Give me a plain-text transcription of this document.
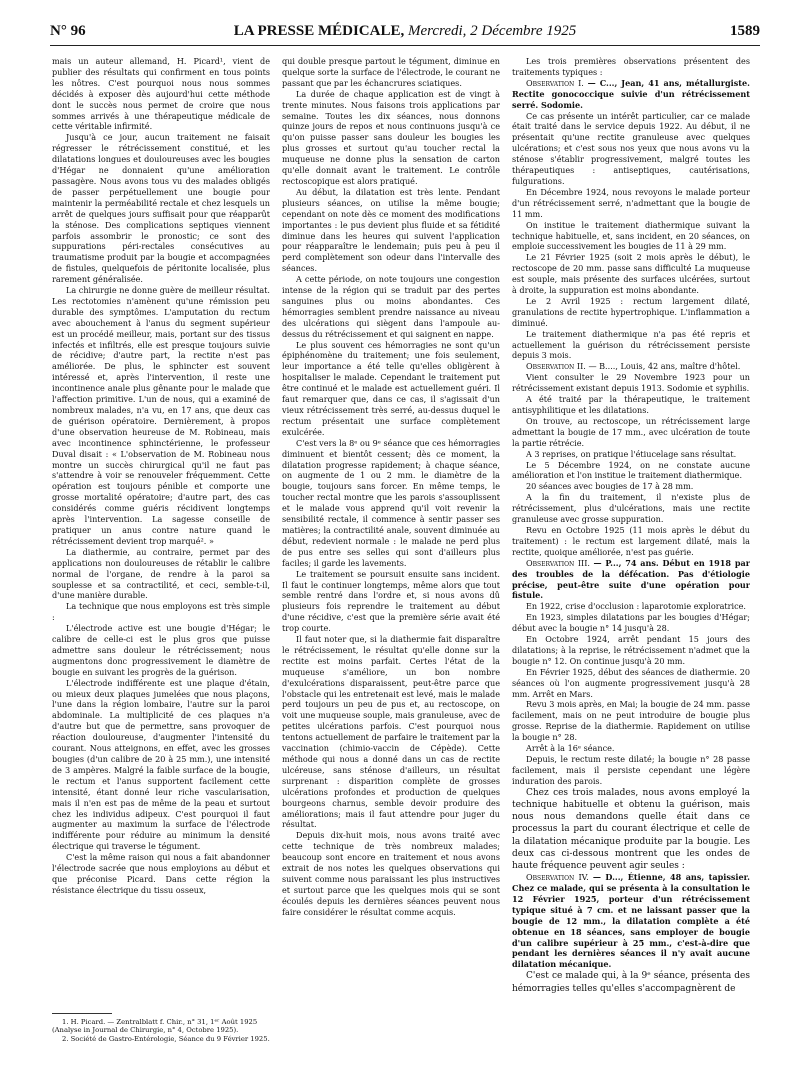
N° 96	LA PRESSE MÉDICALE, Mercredi, 2 Décembre 1925	1589

mais un auteur allemand, H. Picard¹, vient de publier des résultats qui confirment en tous points les nôtres. C'est pourquoi nous nous sommes décidés à exposer dès aujourd'hui cette méthode dont le succès nous permet de croire que nous sommes arrivés à une thérapeutique médicale de cette véritable infirmité.

Jusqu'à ce jour, aucun traitement ne faisait régresser le rétrécissement constitué, et les dilatations longues et douloureuses avec les bougies d'Hégar ne donnaient qu'une amélioration passagère. Nous avons tous vu des malades obligés de passer perpétuellement une bougie pour maintenir la perméabilité rectale et chez lesquels un arrêt de quelques jours suffisait pour que réapparût la sténose. Des complications septiques viennent parfois assombrir le pronostic; ce sont des suppurations péri-rectales consécutives au traumatisme produit par la bougie et accompagnées de fistules, quelquefois de péritonite localisée, plus rarement généralisée.

La chirurgie ne donne guère de meilleur résultat. Les rectotomies n'amènent qu'une rémission peu durable des symptômes. L'amputation du rectum avec abouchement à l'anus du segment supérieur est un procédé meilleur, mais, portant sur des tissus infectés et infiltrés, elle est presque toujours suivie de récidive; d'autre part, la rectite n'est pas améliorée. De plus, le sphincter est souvent intéressé et, après l'intervention, il reste une incontinence anale plus gênante pour le malade que l'affection primitive. L'un de nous, qui a examiné de nombreux malades, n'a vu, en 17 ans, que deux cas de guérison opératoire. Dernièrement, à propos d'une observation heureuse de M. Robineau, mais avec incontinence sphinctérienne, le professeur Duval disait : « L'observation de M. Robineau nous montre un succès chirurgical qu'il ne faut pas s'attendre à voir se renouveler fréquemment. Cette opération est toujours pénible et comporte une grosse mortalité opératoire; d'autre part, des cas considérés comme guéris récidivent longtemps après l'intervention. La sagesse conseille de pratiquer un anus contre nature quand le rétrécissement devient trop marqué². »

La diathermie, au contraire, permet par des applications non douloureuses de rétablir le calibre normal de l'organe, de rendre à la paroi sa souplesse et sa contractilité, et ceci, semble-t-il, d'une manière durable.

La technique que nous employons est très simple :

L'électrode active est une bougie d'Hégar; le calibre de celle-ci est le plus gros que puisse admettre sans douleur le rétrécissement; nous augmentons donc progressivement le diamètre de bougie en suivant les progrès de la guérison.

L'électrode indifférente est une plaque d'étain, ou mieux deux plaques jumelées que nous plaçons, l'une dans la région lombaire, l'autre sur la paroi abdominale. La multiplicité de ces plaques n'a d'autre but que de permettre, sans provoquer de réaction douloureuse, d'augmenter l'intensité du courant. Nous atteignons, en effet, avec les grosses bougies (d'un calibre de 20 à 25 mm.), une intensité de 3 ampères. Malgré la faible surface de la bougie, le rectum et l'anus supportent facilement cette intensité, étant donné leur riche vascularisation, mais il n'en est pas de même de la peau et surtout chez les individus adipeux. C'est pourquoi il faut augmenter au maximum la surface de l'électrode indifférente pour réduire au minimum la densité électrique qui traverse le tégument.

C'est la même raison qui nous a fait abandonner l'électrode sacrée que nous employions au début et que préconise Picard. Dans cette région la résistance électrique du tissu osseux,

1. H. Picard. — Zentralblatt f. Chir., n° 31, 1ᵉʳ Août 1925 (Analyse in Journal de Chirurgie, n° 4, Octobre 1925).
2. Société de Gastro-Entérologie, Séance du 9 Février 1925.

qui double presque partout le tégument, diminue en quelque sorte la surface de l'électrode, le courant ne passant que par les échancrures sciatiques.

La durée de chaque application est de vingt à trente minutes. Nous faisons trois applications par semaine. Toutes les dix séances, nous donnons quinze jours de repos et nous continuons jusqu'à ce qu'on puisse passer sans douleur les bougies les plus grosses et surtout qu'au toucher rectal la muqueuse ne donne plus la sensation de carton qu'elle donnait avant le traitement. Le contrôle rectoscopique est alors pratiqué.

Au début, la dilatation est très lente. Pendant plusieurs séances, on utilise la même bougie; cependant on note dès ce moment des modifications importantes : le pus devient plus fluide et sa fétidité diminue dans les heures qui suivent l'application pour réapparaître le lendemain; puis peu à peu il perd complètement son odeur dans l'intervalle des séances.

A cette période, on note toujours une congestion intense de la région qui se traduit par des pertes sanguines plus ou moins abondantes. Ces hémorragies semblent prendre naissance au niveau des ulcérations qui siègent dans l'ampoule au-dessus du rétrécissement et qui saignent en nappe.

Le plus souvent ces hémorragies ne sont qu'un épiphénomène du traitement; une fois seulement, leur importance a été telle qu'elles obligèrent à hospitaliser le malade. Cependant le traitement put être continué et le malade est actuellement guéri. Il faut remarquer que, dans ce cas, il s'agissait d'un vieux rétrécissement très serré, au-dessus duquel le rectum présentait une surface complètement exulcérée.

C'est vers la 8ᵉ ou 9ᵉ séance que ces hémorragies diminuent et bientôt cessent; dès ce moment, la dilatation progresse rapidement; à chaque séance, on augmente de 1 ou 2 mm. le diamètre de la bougie, toujours sans forcer. En même temps, le toucher rectal montre que les parois s'assouplissent et le malade vous apprend qu'il voit revenir la sensibilité rectale, il commence à sentir passer ses matières; la contractilité anale, souvent diminuée au début, redevient normale : le malade ne perd plus de pus entre ses selles qui sont d'ailleurs plus faciles; il garde les lavements.

Le traitement se poursuit ensuite sans incident. Il faut le continuer longtemps, même alors que tout semble rentré dans l'ordre et, si nous avons dû plusieurs fois reprendre le traitement au début d'une récidive, c'est que la première série avait été trop courte.

Il faut noter que, si la diathermie fait disparaître le rétrécissement, le résultat qu'elle donne sur la rectite est moins parfait. Certes l'état de la muqueuse s'améliore, un bon nombre d'exulcérations disparaissent, peut-être parce que l'obstacle qui les entretenait est levé, mais le malade perd toujours un peu de pus et, au rectoscope, on voit une muqueuse souple, mais granuleuse, avec de petites ulcérations parfois. C'est pourquoi nous tentons actuellement de parfaire le traitement par la vaccination (chimio-vaccin de Cépède). Cette méthode qui nous a donné dans un cas de rectite ulcéreuse, sans sténose d'ailleurs, un résultat surprenant : disparition complète de grosses ulcérations profondes et production de quelques bourgeons charnus, semble devoir produire des améliorations; mais il faut attendre pour juger du résultat.

Depuis dix-huit mois, nous avons traité avec cette technique de très nombreux malades; beaucoup sont encore en traitement et nous avons extrait de nos notes les quelques observations qui suivent comme nous paraissant les plus instructives et surtout parce que les quelques mois qui se sont écoulés depuis les dernières séances peuvent nous faire considérer le résultat comme acquis.

Les trois premières observations présentent des traitements typiques :

Observation I. — C..., Jean, 41 ans, métallurgiste. Rectite gonococcique suivie d'un rétrécissement serré. Sodomie.

Ce cas présente un intérêt particulier, car ce malade était traité dans le service depuis 1922. Au début, il ne présentait qu'une rectite granuleuse avec quelques ulcérations; et c'est sous nos yeux que nous avons vu la sténose s'établir progressivement, malgré toutes les thérapeutiques : antiseptiques, cautérisations, fulgurations.

En Décembre 1924, nous revoyons le malade porteur d'un rétrécissement serré, n'admettant que la bougie de 11 mm.

On institue le traitement diathermique suivant la technique habituelle, et, sans incident, en 20 séances, on emploie successivement les bougies de 11 à 29 mm.

Le 21 Février 1925 (soit 2 mois après le début), le rectoscope de 20 mm. passe sans difficulté La muqueuse est souple, mais présente des surfaces ulcérées, surtout à droite, la suppuration est moins abondante.

Le 2 Avril 1925 : rectum largement dilaté, granulations de rectite hypertrophique. L'inflammation a diminué.

Le traitement diathermique n'a pas été repris et actuellement la guérison du rétrécissement persiste depuis 3 mois.

Observation II. — B...., Louis, 42 ans, maître d'hôtel.

Vient consulter le 29 Novembre 1923 pour un rétrécissement existant depuis 1913. Sodomie et syphilis.

A été traité par la thérapeutique, le traitement antisyphilitique et les dilatations.

On trouve, au rectoscope, un rétrécissement large admettant la bougie de 17 mm., avec ulcération de toute la partie rétrécie.

A 3 reprises, on pratique l'étiucelage sans résultat.

Le 5 Décembre 1924, on ne constate aucune amélioration et l'on institue le traitement diathermique.

20 séances avec bougies de 17 à 28 mm.

A la fin du traitement, il n'existe plus de rétrécissement, plus d'ulcérations, mais une rectite granuleuse avec grosse suppuration.

Revu en Octobre 1925 (11 mois après le début du traitement) : le rectum est largement dilaté, mais la rectite, quoique améliorée, n'est pas guérie.

Observation III. — P..., 74 ans. Début en 1918 par des troubles de la défécation. Pas d'étiologie précise, peut-être suite d'une opération pour fistule.

En 1922, crise d'occlusion : laparotomie exploratrice.

En 1923, simples dilatations par les bougies d'Hégar; début avec la bougie n° 14 jusqu'à 28.

En Octobre 1924, arrêt pendant 15 jours des dilatations; à la reprise, le rétrécissement n'admet que la bougie n° 12. On continue jusqu'à 20 mm.

En Février 1925, début des séances de diathermie. 20 séances où l'on augmente progressivement jusqu'à 28 mm. Arrêt en Mars.

Revu 3 mois après, en Mai; la bougie de 24 mm. passe facilement, mais on ne peut introduire de bougie plus grosse. Reprise de la diathermie. Rapidement on utilise la bougie n° 28.

Arrêt à la 16ᵉ séance.

Depuis, le rectum reste dilaté; la bougie n° 28 passe facilement, mais il persiste cependant une légère induration des parois.

Chez ces trois malades, nous avons employé la technique habituelle et obtenu la guérison, mais nous nous demandons quelle était dans ce processus la part du courant électrique et celle de la dilatation mécanique produite par la bougie. Les deux cas ci-dessous montrent que les ondes de haute fréquence peuvent agir seules :

Observation IV. — D..., Étienne, 48 ans, tapissier. Chez ce malade, qui se présenta à la consultation le 12 Février 1925, porteur d'un rétrécissement typique situé à 7 cm. et ne laissant passer que la bougie de 12 mm., la dilatation complète a été obtenue en 18 séances, sans employer de bougie d'un calibre supérieur à 25 mm., c'est-à-dire que pendant les dernières séances il n'y avait aucune dilatation mécanique.

C'est ce malade qui, à la 9ᵉ séance, présenta des hémorragies telles qu'elles s'accompagnèrent de
